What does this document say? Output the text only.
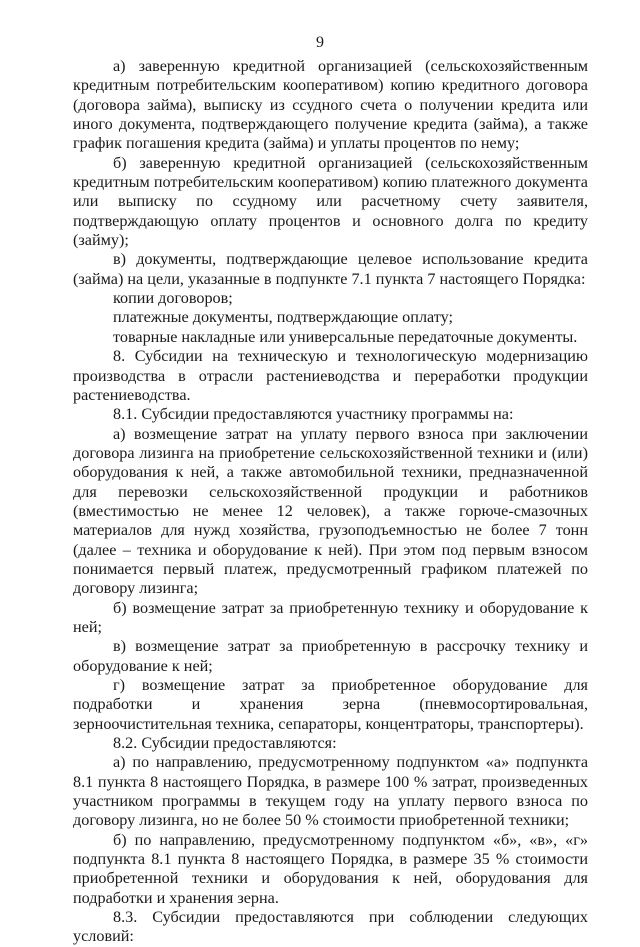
9

а) заверенную кредитной организацией (сельскохозяйственным кредитным потребительским кооперативом) копию кредитного договора (договора займа), выписку из ссудного счета о получении кредита или иного документа, подтверждающего получение кредита (займа), а также график погашения кредита (займа) и уплаты процентов по нему;

б) заверенную кредитной организацией (сельскохозяйственным кредитным потребительским кооперативом) копию платежного документа или выписку по ссудному или расчетному счету заявителя, подтверждающую оплату процентов и основного долга по кредиту (займу);

в) документы, подтверждающие целевое использование кредита (займа) на цели, указанные в подпункте 7.1 пункта 7 настоящего Порядка:

копии договоров;

платежные документы, подтверждающие оплату;

товарные накладные или универсальные передаточные документы.

8. Субсидии на техническую и технологическую модернизацию производства в отрасли растениеводства и переработки продукции растениеводства.

8.1. Субсидии предоставляются участнику программы на:

а) возмещение затрат на уплату первого взноса при заключении договора лизинга на приобретение сельскохозяйственной техники и (или) оборудования к ней, а также автомобильной техники, предназначенной для перевозки сельскохозяйственной продукции и работников (вместимостью не менее 12 человек), а также горюче-смазочных материалов для нужд хозяйства, грузоподъемностью не более 7 тонн (далее – техника и оборудование к ней). При этом под первым взносом понимается первый платеж, предусмотренный графиком платежей по договору лизинга;

б) возмещение затрат за приобретенную технику и оборудование к ней;

в) возмещение затрат за приобретенную в рассрочку технику и оборудование к ней;

г) возмещение затрат за приобретенное оборудование для подработки и хранения зерна (пневмосортировальная, зерноочистительная техника, сепараторы, концентраторы, транспортеры).

8.2. Субсидии предоставляются:

а) по направлению, предусмотренному подпунктом «а» подпункта 8.1 пункта 8 настоящего Порядка, в размере 100 % затрат, произведенных участником программы в текущем году на уплату первого взноса по договору лизинга, но не более 50 % стоимости приобретенной техники;

б) по направлению, предусмотренному подпунктом «б», «в», «г» подпункта 8.1 пункта 8 настоящего Порядка, в размере 35 % стоимости приобретенной техники и оборудования к ней, оборудования для подработки и хранения зерна.

8.3. Субсидии предоставляются при соблюдении следующих условий:
